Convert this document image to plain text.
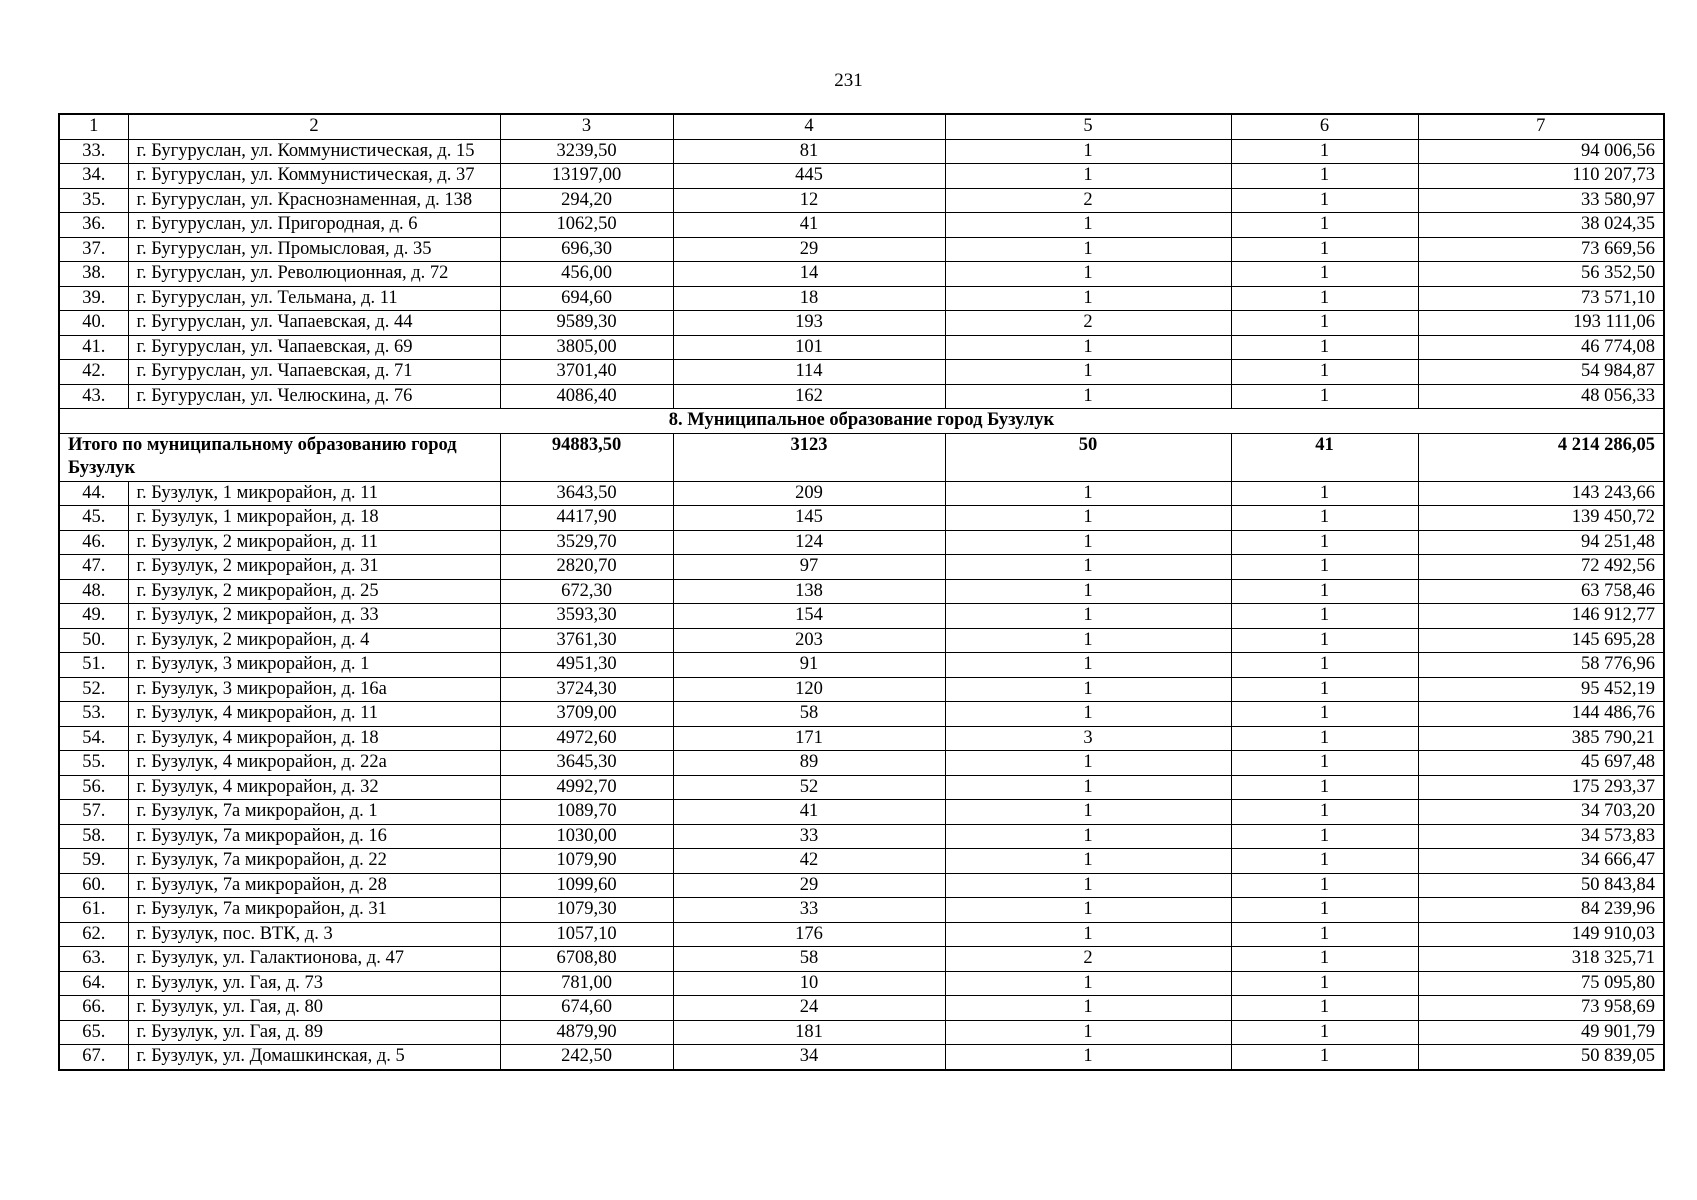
231
1	2	3	4	5	6	7
33.	г. Бугуруслан, ул. Коммунистическая, д. 15	3239,50	81	1	1	94 006,56
34.	г. Бугуруслан, ул. Коммунистическая, д. 37	13197,00	445	1	1	110 207,73
35.	г. Бугуруслан, ул. Краснознаменная, д. 138	294,20	12	2	1	33 580,97
36.	г. Бугуруслан, ул. Пригородная, д. 6	1062,50	41	1	1	38 024,35
37.	г. Бугуруслан, ул. Промысловая, д. 35	696,30	29	1	1	73 669,56
38.	г. Бугуруслан, ул. Революционная, д. 72	456,00	14	1	1	56 352,50
39.	г. Бугуруслан, ул. Тельмана, д. 11	694,60	18	1	1	73 571,10
40.	г. Бугуруслан, ул. Чапаевская, д. 44	9589,30	193	2	1	193 111,06
41.	г. Бугуруслан, ул. Чапаевская, д. 69	3805,00	101	1	1	46 774,08
42.	г. Бугуруслан, ул. Чапаевская, д. 71	3701,40	114	1	1	54 984,87
43.	г. Бугуруслан, ул. Челюскина, д. 76	4086,40	162	1	1	48 056,33
8. Муниципальное образование город Бузулук						
Итого по муниципальному образованию город Бузулук		94883,50	3123	50	41	4 214 286,05
44.	г. Бузулук, 1 микрорайон, д. 11	3643,50	209	1	1	143 243,66
45.	г. Бузулук, 1 микрорайон, д. 18	4417,90	145	1	1	139 450,72
46.	г. Бузулук, 2 микрорайон, д. 11	3529,70	124	1	1	94 251,48
47.	г. Бузулук, 2 микрорайон, д. 31	2820,70	97	1	1	72 492,56
48.	г. Бузулук, 2 микрорайон, д. 25	672,30	138	1	1	63 758,46
49.	г. Бузулук, 2 микрорайон, д. 33	3593,30	154	1	1	146 912,77
50.	г. Бузулук, 2 микрорайон, д. 4	3761,30	203	1	1	145 695,28
51.	г. Бузулук, 3 микрорайон, д. 1	4951,30	91	1	1	58 776,96
52.	г. Бузулук, 3 микрорайон, д. 16а	3724,30	120	1	1	95 452,19
53.	г. Бузулук, 4 микрорайон, д. 11	3709,00	58	1	1	144 486,76
54.	г. Бузулук, 4 микрорайон, д. 18	4972,60	171	3	1	385 790,21
55.	г. Бузулук, 4 микрорайон, д. 22а	3645,30	89	1	1	45 697,48
56.	г. Бузулук, 4 микрорайон, д. 32	4992,70	52	1	1	175 293,37
57.	г. Бузулук, 7а микрорайон, д. 1	1089,70	41	1	1	34 703,20
58.	г. Бузулук, 7а микрорайон, д. 16	1030,00	33	1	1	34 573,83
59.	г. Бузулук, 7а микрорайон, д. 22	1079,90	42	1	1	34 666,47
60.	г. Бузулук, 7а микрорайон, д. 28	1099,60	29	1	1	50 843,84
61.	г. Бузулук, 7а микрорайон, д. 31	1079,30	33	1	1	84 239,96
62.	г. Бузулук, пос. ВТК, д. 3	1057,10	176	1	1	149 910,03
63.	г. Бузулук, ул. Галактионова, д. 47	6708,80	58	2	1	318 325,71
64.	г. Бузулук, ул. Гая, д. 73	781,00	10	1	1	75 095,80
66.	г. Бузулук, ул. Гая, д. 80	674,60	24	1	1	73 958,69
65.	г. Бузулук, ул. Гая, д. 89	4879,90	181	1	1	49 901,79
67.	г. Бузулук, ул. Домашкинская, д. 5	242,50	34	1	1	50 839,05
